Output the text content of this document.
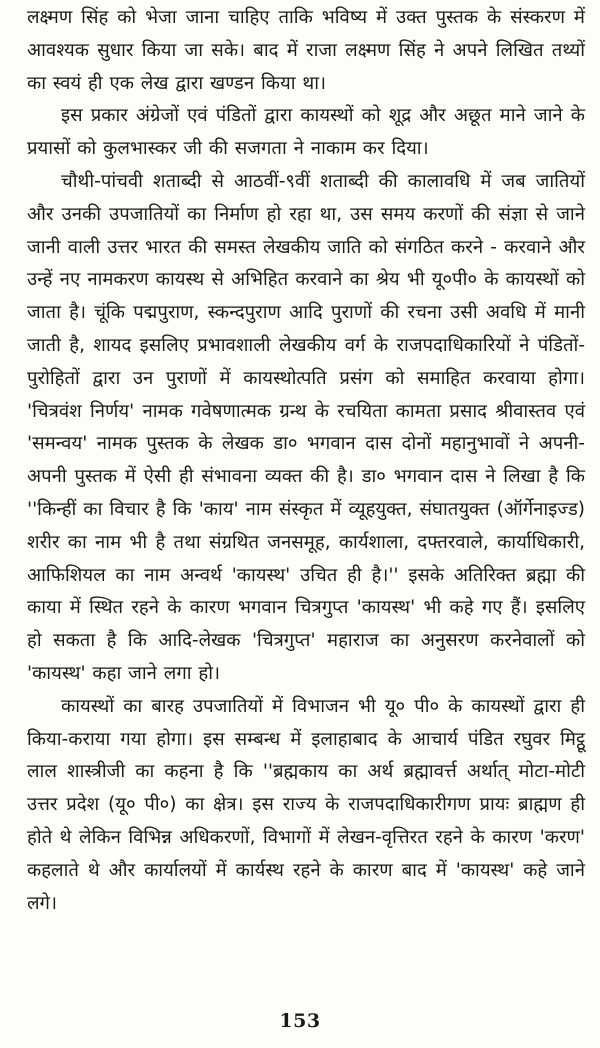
लक्ष्मण सिंह को भेजा जाना चाहिए ताकि भविष्य में उक्त पुस्तक के संस्करण में आवश्यक सुधार किया जा सके। बाद में राजा लक्ष्मण सिंह ने अपने लिखित तथ्यों का स्वयं ही एक लेख द्वारा खण्डन किया था।

इस प्रकार अंग्रेजों एवं पंडितों द्वारा कायस्थों को शूद्र और अछूत माने जाने के प्रयासों को कुलभास्कर जी की सजगता ने नाकाम कर दिया।

चौथी-पांचवी शताब्दी से आठवीं-९वीं शताब्दी की कालावधि में जब जातियों और उनकी उपजातियों का निर्माण हो रहा था, उस समय करणों की संज्ञा से जाने जानी वाली उत्तर भारत की समस्त लेखकीय जाति को संगठित करने - करवाने और उन्हें नए नामकरण कायस्थ से अभिहित करवाने का श्रेय भी यू०पी० के कायस्थों को जाता है। चूंकि पद्मपुराण, स्कन्दपुराण आदि पुराणों की रचना उसी अवधि में मानी जाती है, शायद इसलिए प्रभावशाली लेखकीय वर्ग के राजपदाधिकारियों ने पंडितों-पुरोहितों द्वारा उन पुराणों में कायस्थोत्पति प्रसंग को समाहित करवाया होगा। 'चित्रवंश निर्णय' नामक गवेषणात्मक ग्रन्थ के रचयिता कामता प्रसाद श्रीवास्तव एवं 'समन्वय' नामक पुस्तक के लेखक डा० भगवान दास दोनों महानुभावों ने अपनी-अपनी पुस्तक में ऐसी ही संभावना व्यक्त की है। डा० भगवान दास ने लिखा है कि ''किन्हीं का विचार है कि 'काय' नाम संस्कृत में व्यूहयुक्त, संघातयुक्त (ऑर्गेनाइज्ड) शरीर का नाम भी है तथा संग्रथित जनसमूह, कार्यशाला, दफ्तरवाले, कार्याधिकारी, आफिशियल का नाम अन्वर्थ 'कायस्थ' उचित ही है।'' इसके अतिरिक्त ब्रह्मा की काया में स्थित रहने के कारण भगवान चित्रगुप्त 'कायस्थ' भी कहे गए हैं। इसलिए हो सकता है कि आदि-लेखक 'चित्रगुप्त' महाराज का अनुसरण करनेवालों को 'कायस्थ' कहा जाने लगा हो।

कायस्थों का बारह उपजातियों में विभाजन भी यू० पी० के कायस्थों द्वारा ही किया-कराया गया होगा। इस सम्बन्ध में इलाहाबाद के आचार्य पंडित रघुवर मिट्ठू लाल शास्त्रीजी का कहना है कि ''ब्रह्मकाय का अर्थ ब्रह्मावर्त्त अर्थात् मोटा-मोटी उत्तर प्रदेश (यू० पी०) का क्षेत्र। इस राज्य के राजपदाधिकारीगण प्रायः ब्राह्मण ही होते थे लेकिन विभिन्न अधिकरणों, विभागों में लेखन-वृत्तिरत रहने के कारण 'करण' कहलाते थे और कार्यालयों में कार्यस्थ रहने के कारण बाद में 'कायस्थ' कहे जाने लगे।

153
